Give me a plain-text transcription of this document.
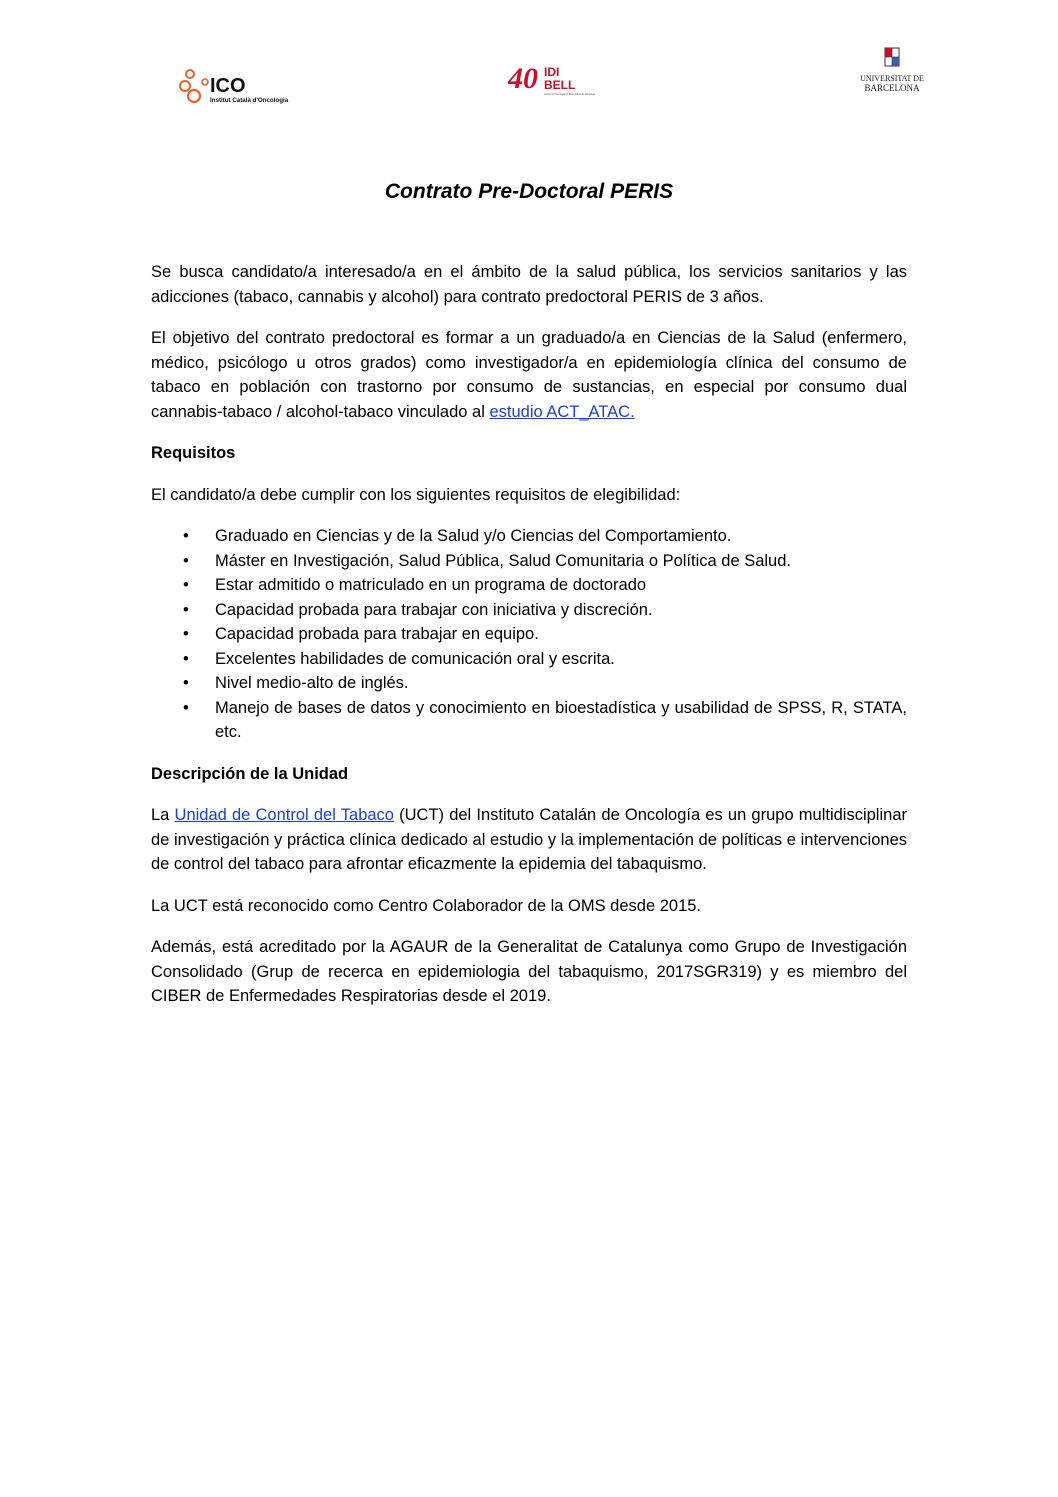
ICO
Institut Català d'Oncologia
40 IDI
BELL
Institut d'Investigació Biomèdica de Bellvitge
UNIVERSITAT DE
BARCELONA
Contrato Pre-Doctoral PERIS

Se busca candidato/a interesado/a en el ámbito de la salud pública, los servicios sanitarios y las adicciones (tabaco, cannabis y alcohol) para contrato predoctoral PERIS de 3 años.

El objetivo del contrato predoctoral es formar a un graduado/a en Ciencias de la Salud (enfermero, médico, psicólogo u otros grados) como investigador/a en epidemiología clínica del consumo de tabaco en población con trastorno por consumo de sustancias, en especial por consumo dual cannabis-tabaco / alcohol-tabaco vinculado al estudio ACT_ATAC.

Requisitos

El candidato/a debe cumplir con los siguientes requisitos de elegibilidad:

• Graduado en Ciencias y de la Salud y/o Ciencias del Comportamiento.
• Máster en Investigación, Salud Pública, Salud Comunitaria o Política de Salud.
• Estar admitido o matriculado en un programa de doctorado
• Capacidad probada para trabajar con iniciativa y discreción.
• Capacidad probada para trabajar en equipo.
• Excelentes habilidades de comunicación oral y escrita.
• Nivel medio-alto de inglés.
• Manejo de bases de datos y conocimiento en bioestadística y usabilidad de SPSS, R, STATA, etc.
Descripción de la Unidad

La Unidad de Control del Tabaco (UCT) del Instituto Catalán de Oncología es un grupo multidisciplinar de investigación y práctica clínica dedicado al estudio y la implementación de políticas e intervenciones de control del tabaco para afrontar eficazmente la epidemia del tabaquismo.

La UCT está reconocido como Centro Colaborador de la OMS desde 2015.

Además, está acreditado por la AGAUR de la Generalitat de Catalunya como Grupo de Investigación Consolidado (Grup de recerca en epidemiologia del tabaquismo, 2017SGR319) y es miembro del CIBER de Enfermedades Respiratorias desde el 2019.
